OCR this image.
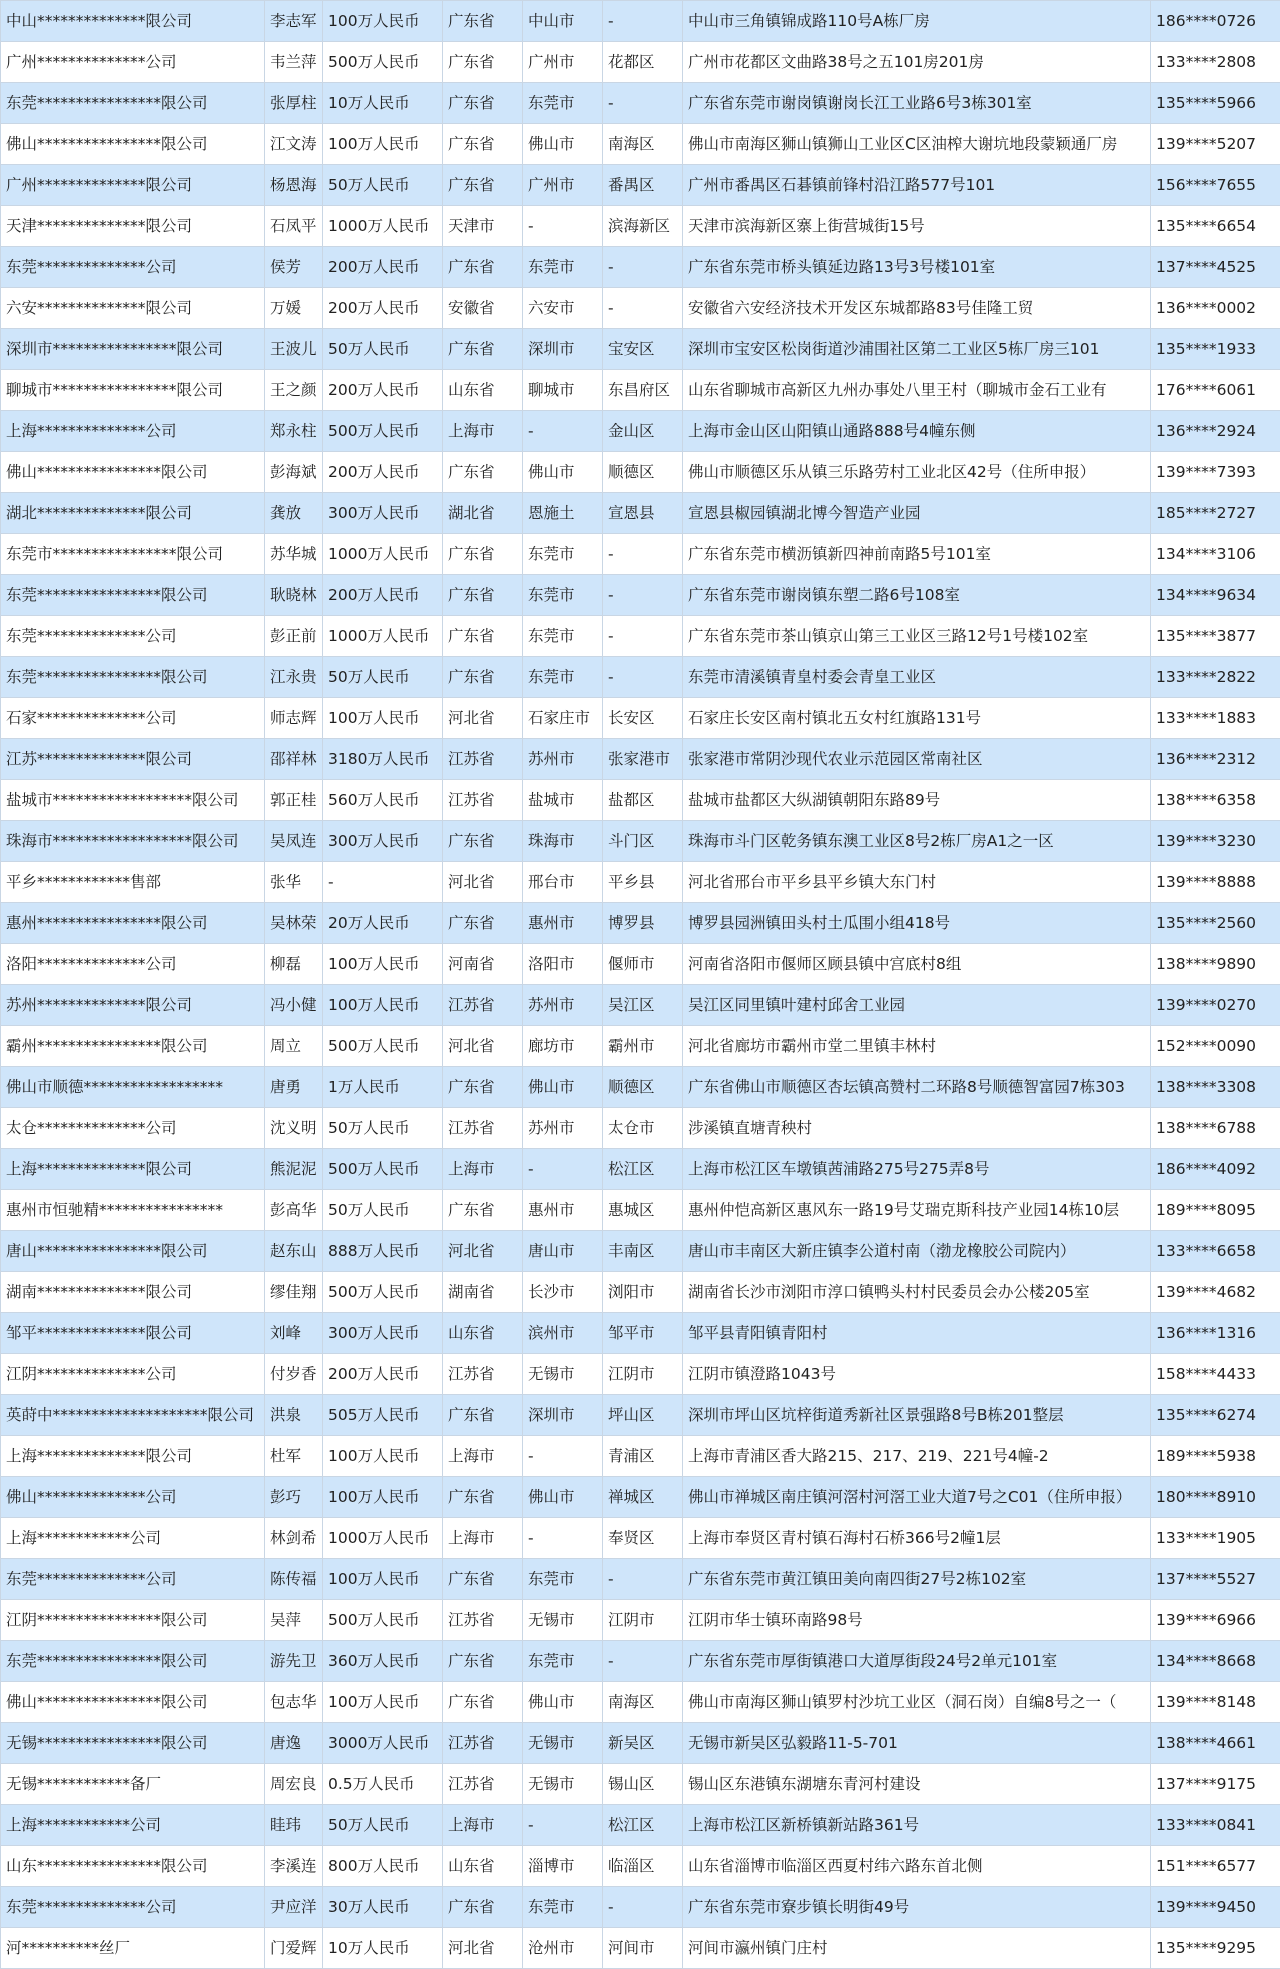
中山**************限公司	李志军	100万人民币	广东省	中山市	-	中山市三角镇锦成路110号A栋厂房	186****0726
广州**************公司	韦兰萍	500万人民币	广东省	广州市	花都区	广州市花都区文曲路38号之五101房201房	133****2808
东莞****************限公司	张厚柱	10万人民币	广东省	东莞市	-	广东省东莞市谢岗镇谢岗长江工业路6号3栋301室	135****5966
佛山****************限公司	江文涛	100万人民币	广东省	佛山市	南海区	佛山市南海区狮山镇狮山工业区C区油榨大谢坑地段蒙颖通厂房	139****5207
广州**************限公司	杨恩海	50万人民币	广东省	广州市	番禺区	广州市番禺区石碁镇前锋村沿江路577号101	156****7655
天津**************限公司	石凤平	1000万人民币	天津市	-	滨海新区	天津市滨海新区寨上街营城街15号	135****6654
东莞**************公司	侯芳	200万人民币	广东省	东莞市	-	广东省东莞市桥头镇延边路13号3号楼101室	137****4525
六安**************限公司	万媛	200万人民币	安徽省	六安市	-	安徽省六安经济技术开发区东城都路83号佳隆工贸	136****0002
深圳市****************限公司	王波儿	50万人民币	广东省	深圳市	宝安区	深圳市宝安区松岗街道沙浦围社区第二工业区5栋厂房三101	135****1933
聊城市****************限公司	王之颜	200万人民币	山东省	聊城市	东昌府区	山东省聊城市高新区九州办事处八里王村（聊城市金石工业有	176****6061
上海**************公司	郑永柱	500万人民币	上海市	-	金山区	上海市金山区山阳镇山通路888号4幢东侧	136****2924
佛山****************限公司	彭海斌	200万人民币	广东省	佛山市	顺德区	佛山市顺德区乐从镇三乐路劳村工业北区42号（住所申报）	139****7393
湖北**************限公司	龚放	300万人民币	湖北省	恩施土	宣恩县	宣恩县椒园镇湖北博今智造产业园	185****2727
东莞市****************限公司	苏华城	1000万人民币	广东省	东莞市	-	广东省东莞市横沥镇新四神前南路5号101室	134****3106
东莞****************限公司	耿晓林	200万人民币	广东省	东莞市	-	广东省东莞市谢岗镇东塑二路6号108室	134****9634
东莞**************公司	彭正前	1000万人民币	广东省	东莞市	-	广东省东莞市茶山镇京山第三工业区三路12号1号楼102室	135****3877
东莞****************限公司	江永贵	50万人民币	广东省	东莞市	-	东莞市清溪镇青皇村委会青皇工业区	133****2822
石家**************公司	师志辉	100万人民币	河北省	石家庄市	长安区	石家庄长安区南村镇北五女村红旗路131号	133****1883
江苏**************限公司	邵祥林	3180万人民币	江苏省	苏州市	张家港市	张家港市常阴沙现代农业示范园区常南社区	136****2312
盐城市******************限公司	郭正桂	560万人民币	江苏省	盐城市	盐都区	盐城市盐都区大纵湖镇朝阳东路89号	138****6358
珠海市******************限公司	吴凤连	300万人民币	广东省	珠海市	斗门区	珠海市斗门区乾务镇东澳工业区8号2栋厂房A1之一区	139****3230
平乡************售部	张华	-	河北省	邢台市	平乡县	河北省邢台市平乡县平乡镇大东门村	139****8888
惠州****************限公司	吴林荣	20万人民币	广东省	惠州市	博罗县	博罗县园洲镇田头村土瓜围小组418号	135****2560
洛阳**************公司	柳磊	100万人民币	河南省	洛阳市	偃师市	河南省洛阳市偃师区顾县镇中宫底村8组	138****9890
苏州**************限公司	冯小健	100万人民币	江苏省	苏州市	吴江区	吴江区同里镇叶建村邱舍工业园	139****0270
霸州****************限公司	周立	500万人民币	河北省	廊坊市	霸州市	河北省廊坊市霸州市堂二里镇丰林村	152****0090
佛山市顺德******************	唐勇	1万人民币	广东省	佛山市	顺德区	广东省佛山市顺德区杏坛镇高赞村二环路8号顺德智富园7栋303	138****3308
太仓**************公司	沈义明	50万人民币	江苏省	苏州市	太仓市	涉溪镇直塘青秧村	138****6788
上海**************限公司	熊泥泥	500万人民币	上海市	-	松江区	上海市松江区车墩镇茜浦路275号275弄8号	186****4092
惠州市恒驰精****************	彭高华	50万人民币	广东省	惠州市	惠城区	惠州仲恺高新区惠风东一路19号艾瑞克斯科技产业园14栋10层	189****8095
唐山****************限公司	赵东山	888万人民币	河北省	唐山市	丰南区	唐山市丰南区大新庄镇李公道村南（渤龙橡胶公司院内）	133****6658
湖南**************限公司	缪佳翔	500万人民币	湖南省	长沙市	浏阳市	湖南省长沙市浏阳市淳口镇鸭头村村民委员会办公楼205室	139****4682
邹平**************限公司	刘峰	300万人民币	山东省	滨州市	邹平市	邹平县青阳镇青阳村	136****1316
江阴**************公司	付岁香	200万人民币	江苏省	无锡市	江阴市	江阴市镇澄路1043号	158****4433
英莳中********************限公司	洪泉	505万人民币	广东省	深圳市	坪山区	深圳市坪山区坑梓街道秀新社区景强路8号B栋201整层	135****6274
上海**************限公司	杜军	100万人民币	上海市	-	青浦区	上海市青浦区香大路215、217、219、221号4幢-2	189****5938
佛山**************公司	彭巧	100万人民币	广东省	佛山市	禅城区	佛山市禅城区南庄镇河滘村河滘工业大道7号之C01（住所申报）	180****8910
上海************公司	林剑希	1000万人民币	上海市	-	奉贤区	上海市奉贤区青村镇石海村石桥366号2幢1层	133****1905
东莞**************公司	陈传福	100万人民币	广东省	东莞市	-	广东省东莞市黄江镇田美向南四街27号2栋102室	137****5527
江阴****************限公司	吴萍	500万人民币	江苏省	无锡市	江阴市	江阴市华士镇环南路98号	139****6966
东莞****************限公司	游先卫	360万人民币	广东省	东莞市	-	广东省东莞市厚街镇港口大道厚街段24号2单元101室	134****8668
佛山****************限公司	包志华	100万人民币	广东省	佛山市	南海区	佛山市南海区狮山镇罗村沙坑工业区（洞石岗）自编8号之一（	139****8148
无锡****************限公司	唐逸	3000万人民币	江苏省	无锡市	新吴区	无锡市新吴区弘毅路11-5-701	138****4661
无锡************备厂	周宏良	0.5万人民币	江苏省	无锡市	锡山区	锡山区东港镇东湖塘东青河村建设	137****9175
上海************公司	眭玮	50万人民币	上海市	-	松江区	上海市松江区新桥镇新站路361号	133****0841
山东****************限公司	李溪连	800万人民币	山东省	淄博市	临淄区	山东省淄博市临淄区西夏村纬六路东首北侧	151****6577
东莞**************公司	尹应洋	30万人民币	广东省	东莞市	-	广东省东莞市寮步镇长明街49号	139****9450
河**********丝厂	门爱辉	10万人民币	河北省	沧州市	河间市	河间市瀛州镇门庄村	135****9295
